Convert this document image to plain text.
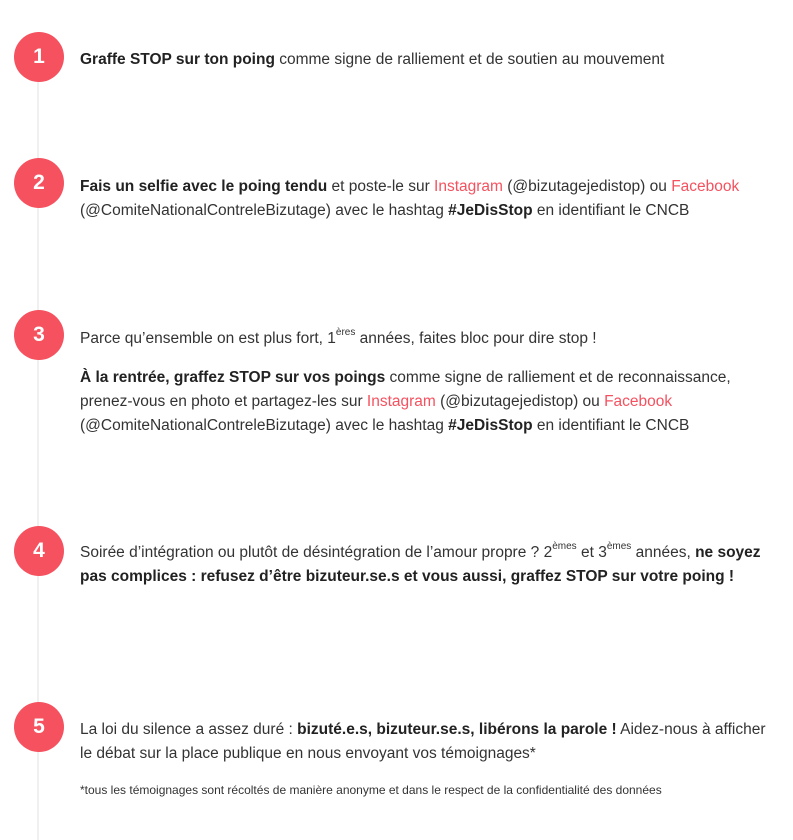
1	Graffe STOP sur ton poing comme signe de ralliement et de soutien au mouvement

2	Fais un selfie avec le poing tendu et poste-le sur Instagram (@bizutagejedistop) ou Facebook (@ComiteNationalContreleBizutage) avec le hashtag #JeDisStop en identifiant le CNCB

3	Parce qu’ensemble on est plus fort, 1ères années, faites bloc pour dire stop !

À la rentrée, graffez STOP sur vos poings comme signe de ralliement et de reconnaissance, prenez-vous en photo et partagez-les sur Instagram (@bizutagejedistop) ou Facebook (@ComiteNationalContreleBizutage) avec le hashtag #JeDisStop en identifiant le CNCB

4	Soirée d’intégration ou plutôt de désintégration de l’amour propre ? 2èmes et 3èmes années, ne soyez pas complices : refusez d’être bizuteur.se.s et vous aussi, graffez STOP sur votre poing !

5	La loi du silence a assez duré : bizuté.e.s, bizuteur.se.s, libérons la parole ! Aidez-nous à afficher le débat sur la place publique en nous envoyant vos témoignages*

*tous les témoignages sont récoltés de manière anonyme et dans le respect de la confidentialité des données
